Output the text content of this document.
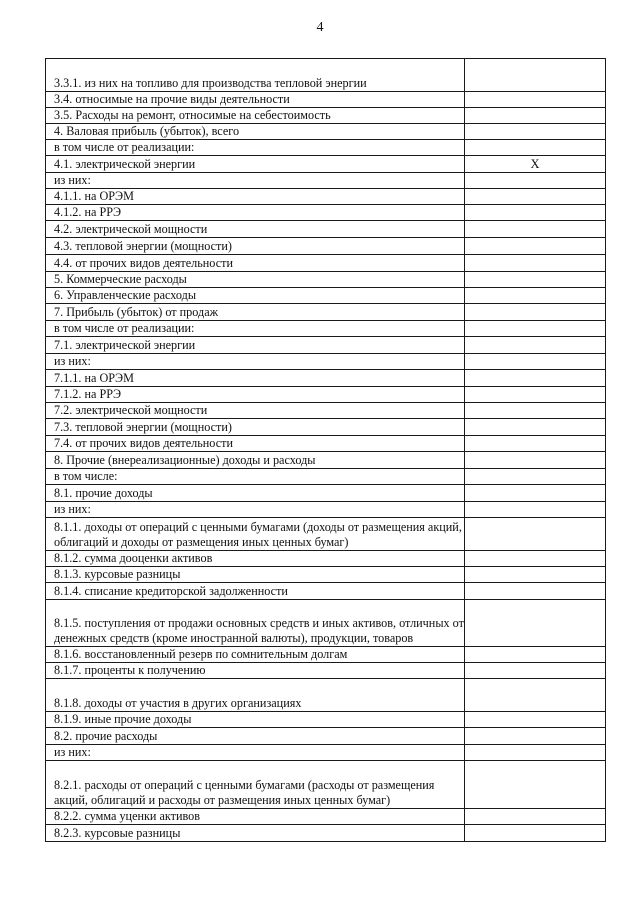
4
3.3.1. из них на топливо для производства тепловой энергии	
3.4. относимые на прочие виды деятельности	
3.5. Расходы на ремонт, относимые на себестоимость	
4. Валовая прибыль (убыток), всего	
в том числе от реализации:	
4.1. электрической энергии	X
из них:	
4.1.1. на ОРЭМ	
4.1.2. на РРЭ	
4.2. электрической мощности	
4.3. тепловой энергии (мощности)	
4.4. от прочих видов деятельности	
5. Коммерческие расходы	
6. Управленческие расходы	
7. Прибыль (убыток) от продаж	
в том числе от реализации:	
7.1. электрической энергии	
из них:	
7.1.1. на ОРЭМ	
7.1.2. на РРЭ	
7.2. электрической мощности	
7.3. тепловой энергии (мощности)	
7.4. от прочих видов деятельности	
8. Прочие (внереализационные) доходы и расходы	
в том числе:	
8.1. прочие доходы	
из них:	
8.1.1. доходы от операций с ценными бумагами (доходы от размещения акций, облигаций и доходы от размещения иных ценных бумаг)	
8.1.2. сумма дооценки активов	
8.1.3. курсовые разницы	
8.1.4. списание кредиторской задолженности	
8.1.5. поступления от продажи основных средств и иных активов, отличных от денежных средств (кроме иностранной валюты), продукции, товаров	
8.1.6. восстановленный резерв по сомнительным долгам	
8.1.7. проценты к получению	
8.1.8. доходы от участия в других организациях	
8.1.9. иные прочие доходы	
8.2. прочие расходы	
из них:	
8.2.1. расходы от операций с ценными бумагами (расходы от размещения акций, облигаций и расходы от размещения иных ценных бумаг)	
8.2.2. сумма уценки активов	
8.2.3. курсовые разницы	
